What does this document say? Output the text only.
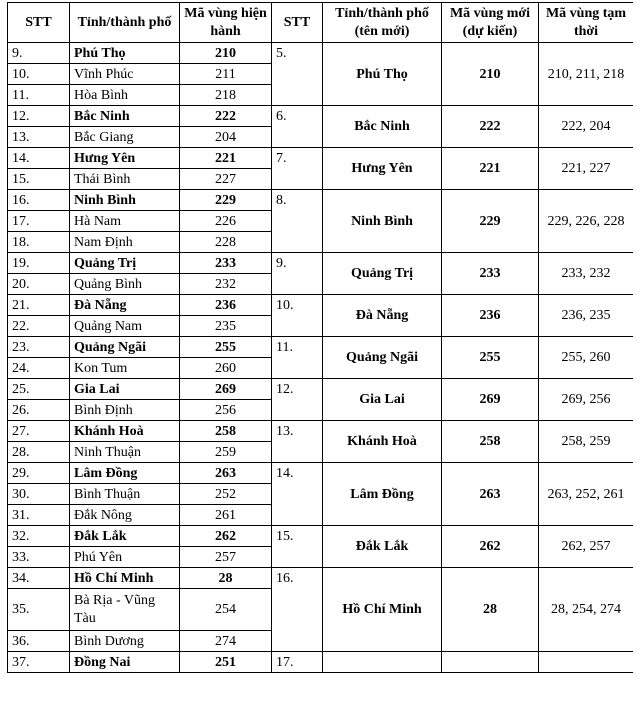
STT	Tỉnh/thành phố	Mã vùng hiện hành	STT	Tỉnh/thành phố (tên mới)	Mã vùng mới (dự kiến)	Mã vùng tạm thời
9.	Phú Thọ	210	5.	Phú Thọ	210	210, 211, 218
10.	Vĩnh Phúc	211				
11.	Hòa Bình	218				
12.	Bắc Ninh	222	6.	Bắc Ninh	222	222, 204
13.	Bắc Giang	204				
14.	Hưng Yên	221	7.	Hưng Yên	221	221, 227
15.	Thái Bình	227				
16.	Ninh Bình	229	8.	Ninh Bình	229	229, 226, 228
17.	Hà Nam	226				
18.	Nam Định	228				
19.	Quảng Trị	233	9.	Quảng Trị	233	233, 232
20.	Quảng Bình	232				
21.	Đà Nẵng	236	10.	Đà Nẵng	236	236, 235
22.	Quảng Nam	235				
23.	Quảng Ngãi	255	11.	Quảng Ngãi	255	255, 260
24.	Kon Tum	260				
25.	Gia Lai	269	12.	Gia Lai	269	269, 256
26.	Bình Định	256				
27.	Khánh Hoà	258	13.	Khánh Hoà	258	258, 259
28.	Ninh Thuận	259				
29.	Lâm Đồng	263	14.	Lâm Đồng	263	263, 252, 261
30.	Bình Thuận	252				
31.	Đắk Nông	261				
32.	Đắk Lắk	262	15.	Đắk Lắk	262	262, 257
33.	Phú Yên	257				
34.	Hồ Chí Minh	28	16.	Hồ Chí Minh	28	28, 254, 274
35.	Bà Rịa - Vũng Tàu	254				
36.	Bình Dương	274				
37.	Đồng Nai	251	17.			
